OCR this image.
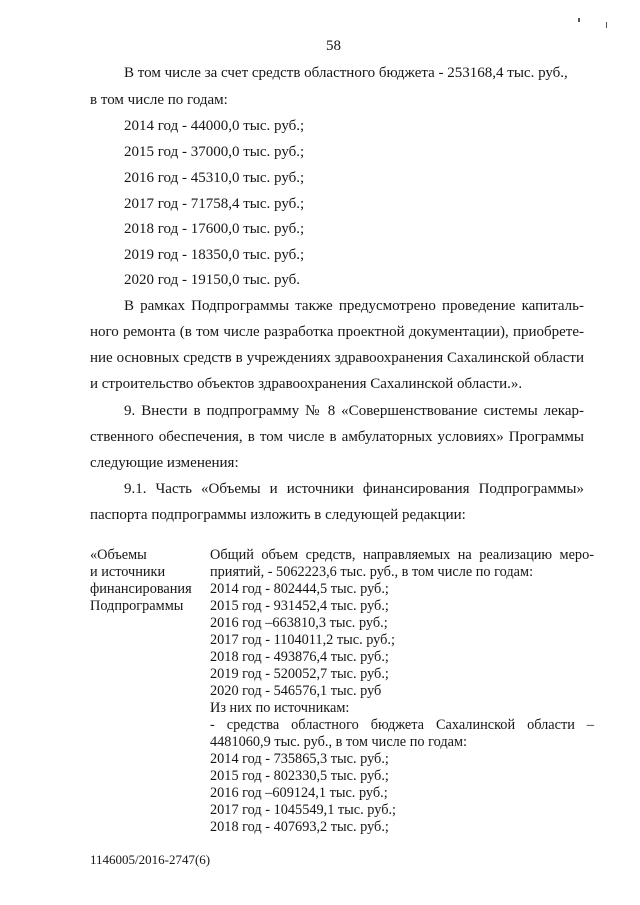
58
В том числе за счет средств областного бюджета - 253168,4 тыс. руб.,
в том числе по годам:
2014 год - 44000,0 тыс. руб.;
2015 год - 37000,0 тыс. руб.;
2016 год - 45310,0 тыс. руб.;
2017 год - 71758,4 тыс. руб.;
2018 год - 17600,0 тыс. руб.;
2019 год - 18350,0 тыс. руб.;
2020 год - 19150,0 тыс. руб.
В рамках Подпрограммы также предусмотрено проведение капиталь-
ного ремонта (в том числе разработка проектной документации), приобрете-
ние основных средств в учреждениях здравоохранения Сахалинской области
и строительство объектов здравоохранения Сахалинской области.».
9. Внести в подпрограмму № 8 «Совершенствование системы лекар-
ственного обеспечения, в том числе в амбулаторных условиях» Программы
следующие изменения:
9.1. Часть «Объемы и источники финансирования Подпрограммы»
паспорта подпрограммы изложить в следующей редакции:
«Объемы
и источники
финансирования
Подпрограммы
Общий объем средств, направляемых на реализацию меро-
приятий, - 5062223,6 тыс. руб., в том числе по годам:
2014 год - 802444,5 тыс. руб.;
2015 год - 931452,4 тыс. руб.;
2016 год –663810,3 тыс. руб.;
2017 год - 1104011,2 тыс. руб.;
2018 год - 493876,4 тыс. руб.;
2019 год - 520052,7 тыс. руб.;
2020 год - 546576,1 тыс. руб
Из них по источникам:
- средства областного бюджета Сахалинской области –
4481060,9 тыс. руб., в том числе по годам:
2014 год - 735865,3 тыс. руб.;
2015 год - 802330,5 тыс. руб.;
2016 год –609124,1 тыс. руб.;
2017 год - 1045549,1 тыс. руб.;
2018 год - 407693,2 тыс. руб.;
1146005/2016-2747(6)
